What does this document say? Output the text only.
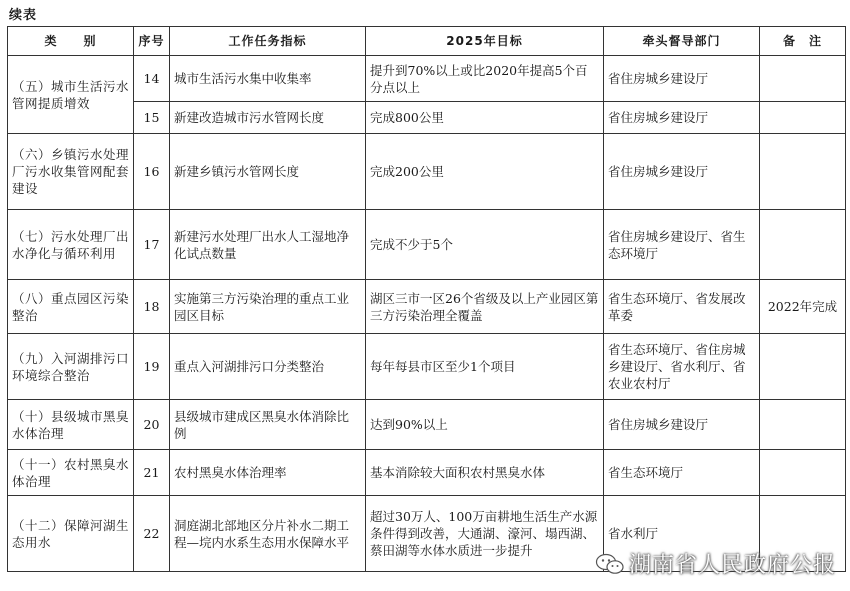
续表
类　　别	序号	工作任务指标	2025年目标	牵头督导部门	备　注
（五）城市生活污水管网提质增效	14	城市生活污水集中收集率	提升到70%以上或比2020年提高5个百分点以上	省住房城乡建设厅	
	15	新建改造城市污水管网长度	完成800公里	省住房城乡建设厅	
（六）乡镇污水处理厂污水收集管网配套建设	16	新建乡镇污水管网长度	完成200公里	省住房城乡建设厅	
（七）污水处理厂出水净化与循环利用	17	新建污水处理厂出水人工湿地净化试点数量	完成不少于5个	省住房城乡建设厅、省生态环境厅	
（八）重点园区污染整治	18	实施第三方污染治理的重点工业园区目标	湖区三市一区26个省级及以上产业园区第三方污染治理全覆盖	省生态环境厅、省发展改革委	2022年完成
（九）入河湖排污口环境综合整治	19	重点入河湖排污口分类整治	每年每县市区至少1个项目	省生态环境厅、省住房城乡建设厅、省水利厅、省农业农村厅	
（十）县级城市黑臭水体治理	20	县级城市建成区黑臭水体消除比例	达到90%以上	省住房城乡建设厅	
（十一）农村黑臭水体治理	21	农村黑臭水体治理率	基本消除较大面积农村黑臭水体	省生态环境厅	
（十二）保障河湖生态用水	22	洞庭湖北部地区分片补水二期工程—垸内水系生态用水保障水平	超过30万人、100万亩耕地生活生产水源条件得到改善，大通湖、濠河、塌西湖、蔡田湖等水体水质进一步提升	省水利厅	
湖南省人民政府公报
